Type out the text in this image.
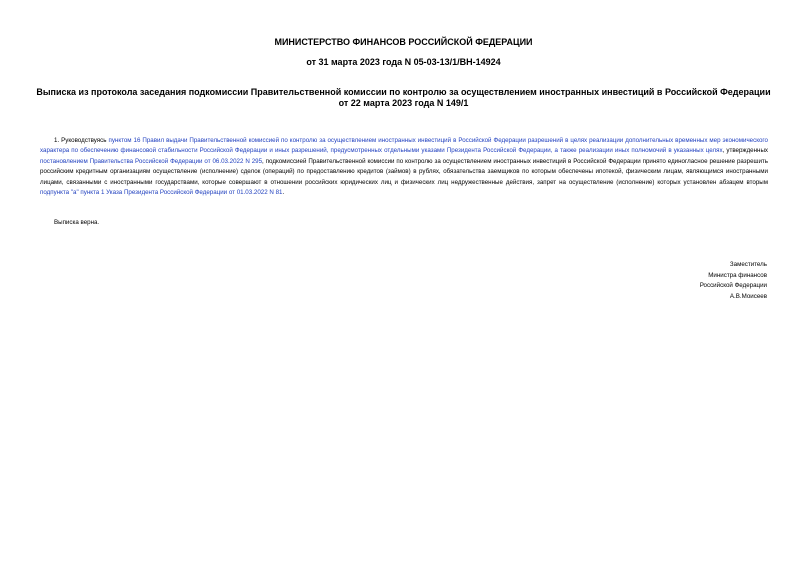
МИНИСТЕРСТВО ФИНАНСОВ РОССИЙСКОЙ ФЕДЕРАЦИИ
от 31 марта 2023 года N 05-03-13/1/ВН-14924
Выписка из протокола заседания подкомиссии Правительственной комиссии по контролю за осуществлением иностранных инвестиций в Российской Федерации
от 22 марта 2023 года N 149/1
1. Руководствуясь пунктом 16 Правил выдачи Правительственной комиссией по контролю за осуществлением иностранных инвестиций в Российской Федерации разрешений в целях реализации дополнительных временных мер экономического характера по обеспечению финансовой стабильности Российской Федерации и иных разрешений, предусмотренных отдельными указами Президента Российской Федерации, а также реализации иных полномочий в указанных целях, утвержденных постановлением Правительства Российской Федерации от 06.03.2022 N 295, подкомиссией Правительственной комиссии по контролю за осуществлением иностранных инвестиций в Российской Федерации принято единогласное решение разрешить российским кредитным организациям осуществление (исполнение) сделок (операций) по предоставлению кредитов (займов) в рублях, обязательства заемщиков по которым обеспечены ипотекой, физическим лицам, являющимся иностранными лицами, связанными с иностранными государствами, которые совершают в отношении российских юридических лиц и физических лиц недружественные действия, запрет на осуществление (исполнение) которых установлен абзацем вторым подпункта "а" пункта 1 Указа Президента Российской Федерации от 01.03.2022 N 81.
Выписка верна.
Заместитель
Министра финансов
Российской Федерации
А.В.Моисеев
